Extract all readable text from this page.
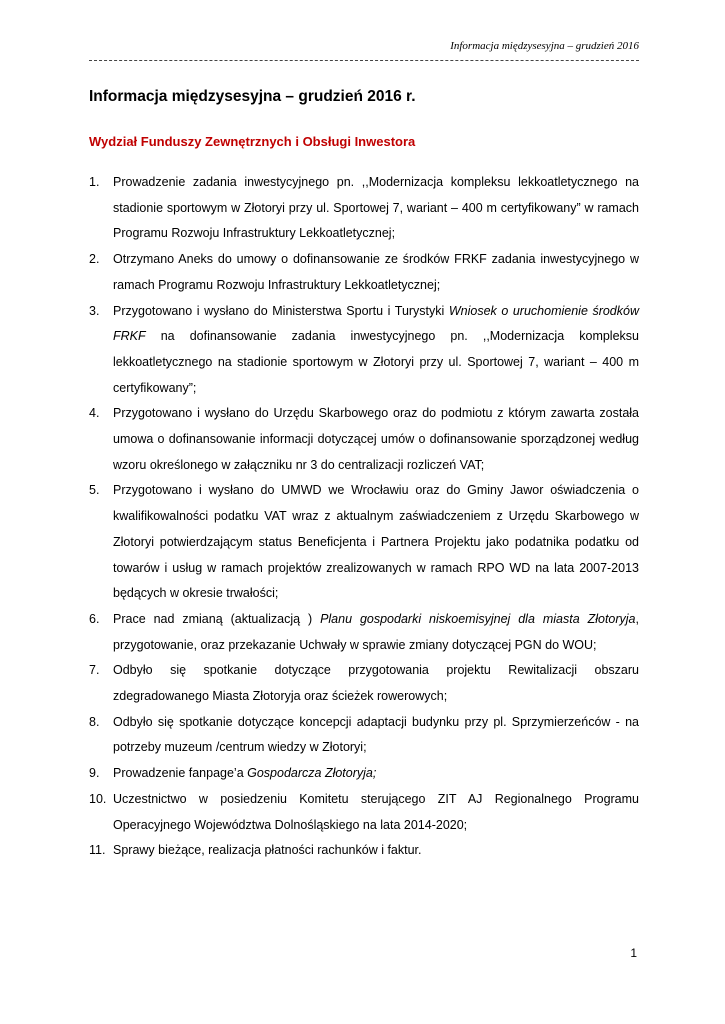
Informacja międzysesyjna – grudzień 2016
Informacja międzysesyjna – grudzień 2016 r.
Wydział Funduszy Zewnętrznych i Obsługi Inwestora
1. Prowadzenie zadania inwestycyjnego pn. ,,Modernizacja kompleksu lekkoatletycznego na stadionie sportowym w Złotoryi przy ul. Sportowej 7, wariant – 400 m certyfikowany” w ramach Programu Rozwoju Infrastruktury Lekkoatletycznej;
2. Otrzymano Aneks do umowy o dofinansowanie ze środków FRKF zadania inwestycyjnego w ramach Programu Rozwoju Infrastruktury Lekkoatletycznej;
3. Przygotowano i wysłano do Ministerstwa Sportu i Turystyki Wniosek o uruchomienie środków FRKF na dofinansowanie zadania inwestycyjnego pn. ,,Modernizacja kompleksu lekkoatletycznego na stadionie sportowym w Złotoryi przy ul. Sportowej 7, wariant – 400 m certyfikowany”;
4. Przygotowano i wysłano do Urzędu Skarbowego oraz do podmiotu z którym zawarta została umowa o dofinansowanie informacji dotyczącej umów o dofinansowanie sporządzonej według wzoru określonego w załączniku nr 3 do centralizacji rozliczeń VAT;
5. Przygotowano i wysłano do UMWD we Wrocławiu oraz do Gminy Jawor oświadczenia o kwalifikowalności podatku VAT wraz z aktualnym zaświadczeniem z Urzędu Skarbowego w Złotoryi potwierdzającym status Beneficjenta i Partnera Projektu jako podatnika podatku od towarów i usług w ramach projektów zrealizowanych w ramach RPO WD na lata 2007-2013 będących w okresie trwałości;
6. Prace nad zmianą (aktualizacją ) Planu gospodarki niskoemisyjnej dla miasta Złotoryja, przygotowanie, oraz przekazanie Uchwały w sprawie zmiany dotyczącej PGN do WOU;
7. Odbyło się spotkanie dotyczące przygotowania projektu Rewitalizacji obszaru zdegradowanego Miasta Złotoryja oraz ścieżek rowerowych;
8. Odbyło się spotkanie dotyczące koncepcji adaptacji budynku przy pl. Sprzymierzeńców - na potrzeby muzeum /centrum wiedzy w Złotoryi;
9. Prowadzenie fanpage’a Gospodarcza Złotoryja;
10. Uczestnictwo w posiedzeniu Komitetu sterującego ZIT AJ Regionalnego Programu Operacyjnego Województwa Dolnośląskiego na lata 2014-2020;
11. Sprawy bieżące, realizacja płatności rachunków i faktur.
1
